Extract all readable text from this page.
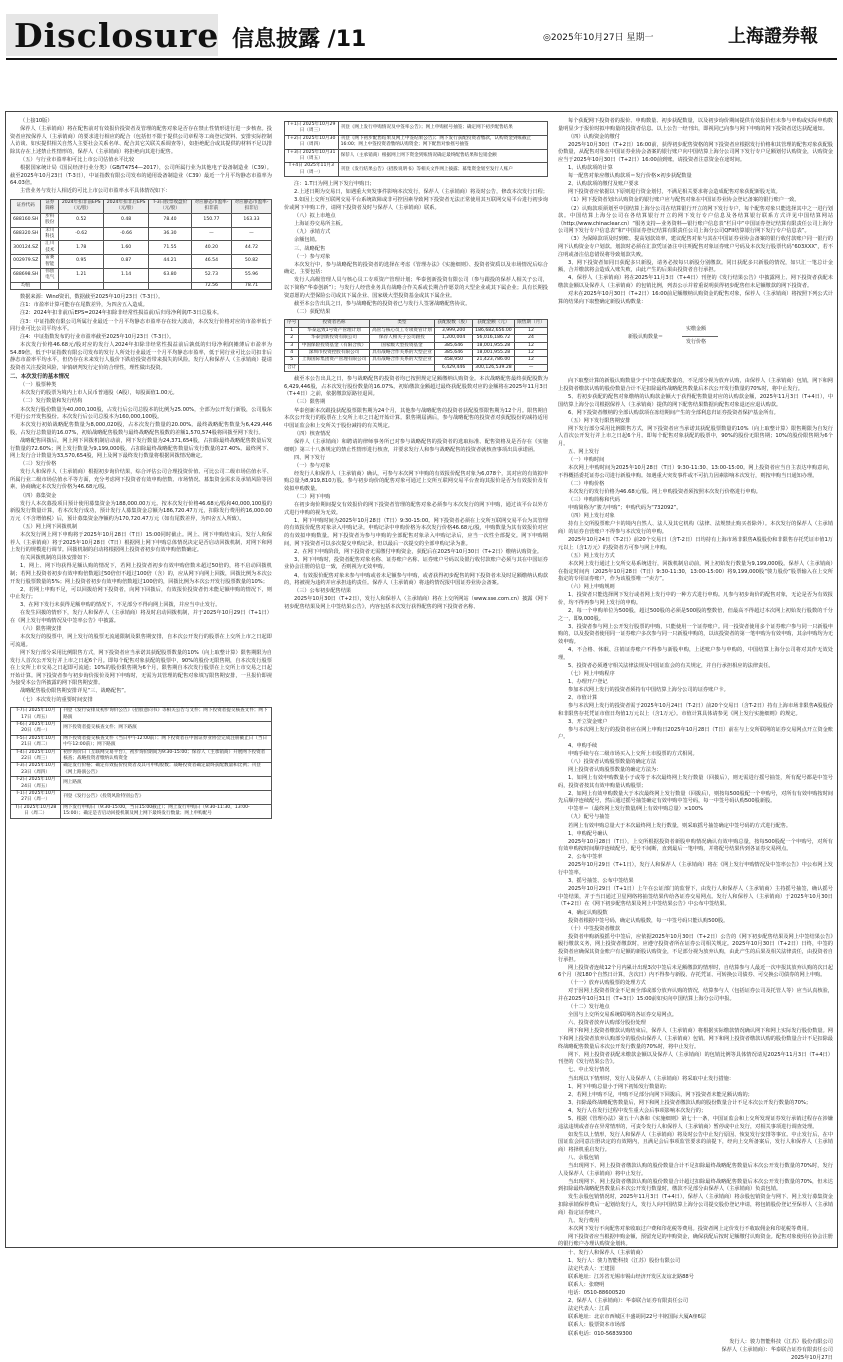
Disclosure 信息披露 /11	◎2025年10月27日 星期一	上海證券報

（上接10版）

保荐人（主承销商）将在配售前对有效报价投资者及管理的配售对象是否存在禁止性情形进行进一步核查。投资者应按保荐人（主承销商）的要求进行相应的配合（包括但不限于提供公司章程等工商登记资料、安排实际控制人访谈、如实提供相关自然人主要社会关系名单、配合其它关联关系调查等），如拒绝配合或其提供的材料不足以排除其存在上述禁止性情形的，保荐人（主承销商）将拒绝向其进行配售。

（五）与行业市盈率和可比上市公司估值水平比较

根据国家统计局《国民经济行业分类》（GB/T4754—2017），公司所属行业为其他电子设备制造业（C39）。截至2025年10月23日（T-3日），中证指数有限公司发布的通用设备制造业（C39）最近一个月平均静态市盈率为64.03倍。

主营业务与发行人相近的可比上市公司市盈率水平具体情况如下：

证券代码	证券简称	2024年扣非前EPS（元/股）	2024年扣非后EPS（元/股）	T-3日股票收盘价（元/股）	对应静态市盈率-扣非前	对应静态市盈率-扣非后
688160.SH	步科股份	0.52	0.48	78.40	150.77	163.33
688320.SH	禾川科技	-0.62	-0.66	36.30	—	—
300124.SZ	汇川技术	1.78	1.60	71.55	40.20	44.72
002979.SZ	雷赛智能	0.95	0.87	44.21	46.54	50.82
688698.SH	伟创电气	1.21	1.14	63.80	52.73	55.96
均值					72.56	78.71

数据来源：Wind资讯，数据截至2025年10月23日（T-3日）。

注1：市盈率计算可能存在尾数差异，为四舍五入造成。

注2：2024年扣非前/后EPS=2024年扣除非经常性损益前/后归母净利润/T-3日总股本。

注3：中证指数有限公司所属行业最近一个月平均静态市盈率存在较大波动，本次发行价格对应的市盈率低于同行业可比公司平均水平。

注4：中证指数发布的行业市盈率截至2025年10月23日（T-3日）。

本次发行价格46.68元/股对应的发行人2024年扣除非经常性损益前后孰低的归母净利润摊薄后市盈率为54.89倍，低于中证指数有限公司发布的发行人所处行业最近一个月平均静态市盈率，低于同行业可比公司扣非后静态市盈率平均水平，但仍存在未来发行人股价下跌给投资者带来损失的风险。发行人和保荐人（主承销商）提请投资者关注投资风险，审慎研判发行定价的合理性，理性做出投资。

二、本次发行的基本情况

（一）股票种类

本次发行的股票为境内上市人民币普通股（A股），每股面值1.00元。

（二）发行数量和发行结构

本次发行股份数量为40,000,100股，占发行后公司总股本的比例为25.00%，全部为公开发行新股，公司股东不进行公开发售股份。本次发行后公司总股本为160,000,100股。

本次发行初始战略配售数量为8,000,020股，占本次发行数量的20.00%。最终战略配售数量为6,429,446股，占发行总数量的16.07%，初始战略配售股数与最终战略配售股数的差额1,570,574股将回拨至网下发行。

战略配售回拨后，网上网下回拨机制启动前，网下发行数量为24,371,654股，占扣除最终战略配售数量后发行数量的72.60%；网上发行数量为9,199,000股，占扣除最终战略配售数量后发行数量的27.40%。最终网下、网上发行合计数量为33,570,654股，网上及网下最终发行数量将根据回拨情况确定。

（三）发行价格

发行人和保荐人（主承销商）根据初步询价结果，综合评估公司合理投资价值、可比公司二级市场估值水平、所属行业二级市场估值水平等方面，充分考虑网下投资者有效申购倍数、市场情况、募集资金需求及承销风险等因素，协商确定本次发行价格为46.68元/股。

（四）募集资金

发行人本次募投项目预计使用募集资金为188,000.00万元。按本次发行价格46.68元/股和40,000,100股的新股发行数量计算，若本次发行成功，预计发行人募集资金总额为186,720.47万元，扣除发行费用约16,000.00万元（不含增值税）后，预计募集资金净额约为170,720.47万元（如有尾数差异，为四舍五入所致）。

（五）网上网下回拨机制

本次发行网上网下申购将于2025年10月28日（T日）15:00同时截止。网上、网下申购结束后，发行人和保荐人（主承销商）将于2025年10月28日（T日）根据网上网下申购总体情况决定是否启动回拨机制，对网下和网上发行的规模进行调节。回拨机制的启动将根据网上投资者初步有效申购倍数确定。

有关回拨机制的具体安排如下：

1、网上、网下均获得足额认购的情况下，若网上投资者初步有效申购倍数未超过50倍的，将不启动回拨机制；若网上投资者初步有效申购倍数超过50倍但不超过100倍（含）的，应从网下向网上回拨，回拨比例为本次公开发行股票数量的5%；网上投资者初步有效申购倍数超过100倍的，回拨比例为本次公开发行股票数量的10%；

2、若网上申购不足，可以回拨给网下投资者，向网下回拨后，有效报价投资者仍未能足额申购的情况下，则中止发行；

3、在网下发行未获得足额申购的情况下，不足部分不得向网上回拨，并应当中止发行。

在发生回拨的情形下，发行人和保荐人（主承销商）将及时启动回拨机制，并于2025年10月29日（T+1日）在《网上发行申购情况及中签率公告》中披露。

（六）限售期安排

本次发行的股票中，网上发行的股票无流通限制及限售期安排，自本次公开发行的股票在上交所上市之日起即可流通。

网下发行部分采用比例限售方式，网下投资者应当承诺其获配股票数量的10%（向上取整计算）限售期限为自发行人首次公开发行并上市之日起6个月。即每个配售对象获配的股票中，90%的股份无限售期，自本次发行股票在上交所上市交易之日起即可流通；10%的股份限售期为6个月，限售期自本次发行股票在上交所上市交易之日起开始计算。网下投资者参与初步询价报价及网下申购时，无需为其管理的配售对象填写限售期安排，一旦报价即视为接受本公告所披露的网下限售期安排。

战略配售股份限售期安排详见“三、战略配售”。

（七）本次发行的重要时间安排

T-7日 2025年10月17日（周五）	刊登《发行安排及初步询价公告》《招股意向书》等相关公告与文件；网下投资者提交核查文件；网下路演
T-6日 2025年10月20日（周一）	网下投资者提交核查文件；网下路演
T-5日 2025年10月21日（周二）	网下投资者提交核查文件（当日中午12:00前）；网下投资者在中国证券业协会完成注册截止日（当日中午12:00前）；网下路演
T-4日 2025年10月22日（周三）	初步询价日（互联网交易平台），初步询价期间为9:30-15:00；保荐人（主承销商）开展网下投资者核查；战略投资者缴纳认购资金
T-3日 2025年10月23日（周四）	确定发行价格；确定有效报价投资者及其可申购股数；战略投资者确定最终获配数量和比例；刊登《网上路演公告》
T-2日 2025年10月24日（周五）	网上路演
T-1日 2025年10月27日（周一）	刊登《发行公告》《投资风险特别公告》
T日 2025年10月28日（周二）	网下发行申购日（9:30-15:00，当日15:00截止）；网上发行申购日（9:30-11:30，13:00-15:00）；确定是否启动回拨机制及网上网下最终发行数量；网上申购配号
T+1日 2025年10月29日（周三）	刊登《网上发行申购情况及中签率公告》；网上申购摇号抽签；确定网下初步配售结果
T+2日 2025年10月30日（周四）	刊登《网下初步配售结果及网上中签结果公告》；网下发行获配投资者缴款，认购资金到账截止16:00；网上中签投资者缴纳认购资金；网下配售对象摇号抽签
T+3日 2025年10月31日（周五）	保荐人（主承销商）根据网上网下资金到账情况确定最终配售结果和包销金额
T+4日 2025年11月3日（周一）	刊登《发行结果公告》《招股说明书》等相关文件网上披露；募集资金划至发行人账户

注：1.T日为网上网下发行申购日；

2.上述日期为交易日，如遇重大突发事件影响本次发行，保荐人（主承销商）将及时公告，修改本次发行日程；

3.如因上交所互联网交易平台系统故障或非可控因素导致网下投资者无法正常使用其互联网交易平台进行初步询价或网下申购工作，请网下投资者及时与保荐人（主承销商）联系。

（八）拟上市地点

上海证券交易所主板。

（九）承销方式

余额包销。

三、战略配售

（一）参与对象

本次发行中，参与战略配售的投资者的选择在考虑《管理办法》《实施细则》、投资者资质以及市场情况后综合确定，主要包括：

发行人高级管理人员与核心员工专项资产管理计划；华泰创新投资有限公司（参与跟投的保荐人相关子公司，以下简称“华泰创新”）；与发行人经营业务具有战略合作关系或长期合作愿景的大型企业或其下属企业；具有长期投资意愿的大型保险公司或其下属企业、国家级大型投资基金或其下属企业。

截至本公告出具之日，参与战略配售的投资者已与发行人签署战略配售协议。

（二）获配结果

序号	投资者名称	类型	获配股数（股）	获配金额（元）	限售期（月）
1	华泰远致1号资产管理计划	高管与核心员工专项资管计划	3,999,200	186,682,656.00	12
2	华泰创新投资有限公司	保荐人相关子公司跟投	1,200,004	56,016,186.72	24
3	中国保险投资基金（有限合伙）	国家级大型投资基金	385,646	18,001,955.28	12
4	深圳市投资控股有限公司	具有战略合作关系的大型企业	385,646	18,001,955.28	12
5	上海国际集团资产管理有限公司	具有战略合作关系的大型企业	458,950	21,423,786.00	12
合计			6,429,446	300,126,539.28	—

截至本公告出具之日，参与战略配售的投资者均已按照规定足额缴纳认购资金。本次战略配售最终获配股数为6,429,446股，占本次发行股份数量的16.07%。初始缴款金额超过最终获配股数对应的金额将在2025年11月3日（T+4日）之前，依据缴款原路径退回。

（三）限售期

华泰创新本次跟投获配股票限售期为24个月，其他参与战略配售的投资者获配股票限售期为12个月。限售期自本次公开发行的股票在上交所上市之日起开始计算。限售期届满后，参与战略配售的投资者对获配股份的减持适用中国证监会和上交所关于股份减持的有关规定。

（四）核查情况

保荐人（主承销商）和聘请的律师事务所已对参与战略配售的投资者的选取标准、配售资格及是否存在《实施细则》第三十八条规定的禁止性情形进行核查，并要求发行人和参与战略配售的投资者就核查事项出具承诺函。

四、网下发行

（一）参与对象

经发行人和保荐人（主承销商）确认，可参与本次网下申购的有效报价配售对象为6,078个，其对应的有效拟申购总量为8,919,810万股。参与初步询价的配售对象可通过上交所互联网交易平台查询其报价是否为有效报价及有效拟申购数量。

（二）网下申购

在初步询价期间提交有效报价的网下投资者管理的配售对象必须参与本次发行的网下申购，通过该平台以外方式进行申购的视为无效。

1、网下申购时间为2025年10月28日（T日）9:30-15:00。网下投资者必须在上交所互联网交易平台为其管理的有效报价配售对象录入申购记录。申购记录中申购价格为本次发行价格46.68元/股，申购数量为其有效报价对应的有效拟申购数量。网下投资者为参与申购的全部配售对象录入申购记录后，应当一次性全部提交。网下申购期间，网下投资者可以多次提交申购记录，但以最后一次提交的全部申购记录为准。

2、在网下申购阶段，网下投资者无需缴付申购资金，获配后在2025年10月30日（T+2日）缴纳认购资金。

3、网下申购时，投资者配售对象名称、证券账户名称、证券账户号码以及银行收付款账户必须与其在中国证券业协会注册的信息一致，否则视为无效申购。

4、有效报价配售对象未参与申购或者未足额参与申购，或者获得初步配售的网下投资者未及时足额缴纳认购款的，将被视为违约并应承担违约责任。保荐人（主承销商）将违约情况报中国证券业协会备案。

（三）公布初步配售结果

2025年10月30日（T+2日），发行人和保荐人（主承销商）将在上交所网站（www.sse.com.cn）披露《网下初步配售结果及网上中签结果公告》，内容包括本次发行获得配售的网下投资者名称、

每个获配网下投资者的报价、申购数量、初步获配数量，以及初步询价期间提供有效报价但未参与申购或实际申购数量明显少于报价时拟申购量的投资者信息。以上公告一经刊出，即视同已向参与网下申购的网下投资者送达获配通知。

（四）认购资金的缴付

2025年10月30日（T+2日）16:00前，获得初步配售资格的网下投资者应根据发行价格和其管理的配售对象获配股份数量，从配售对象在中国证券业协会备案的银行账户向中国结算上海分公司网下发行专户足额划付认购资金，认购资金应当于2025年10月30日（T+2日）16:00前到账。请投资者注意资金在途时间。

1、认购款项的计算

每一配售对象应缴认购款项＝发行价格×初步获配数量

2、认购款项的缴付及账户要求

网下投资者应依据以下原则进行资金划付，不满足相关要求将会造成配售对象获配新股无效。

（1）网下投资者划出认购资金的银行账户应与配售对象在中国证券业协会登记备案的银行账户一致。

（2）认购款项须划至中国结算上海分公司在结算银行开立的网下发行专户，每个配售对象只能选择其中之一进行划款。中国结算上海分公司在各结算银行开立的网下发行专户信息及各结算银行联系方式详见中国结算网站（http://www.chinaclear.cn）“服务支持—业务资料—银行账户信息表”栏目中“中国证券登记结算有限责任公司上海分公司网下发行专户信息表”和“中国证券登记结算有限责任公司上海分公司QFII结算银行网下发行专户信息表”。

（3）为保障款项及时到账、提高划款效率，建议配售对象与其在中国证券业协会备案的银行收付款账户同一银行的网下认购资金专户划款。划款时必须在汇款凭证备注中注明配售对象证券账户号码及本次发行股票代码“603XXX”，若不注明或备注信息错误将导致划款失败。

3、网下投资者如同日获配多只新股，请务必按每只新股分别缴款。同日获配多只新股的情况，如只汇一笔总计金额，合并缴款将会造成入账失败，由此产生的后果由投资者自行承担。

4、保荐人（主承销商）将在2025年11月3日（T+4日）刊登的《发行结果公告》中披露网上、网下投资者获配未缴款金额以及保荐人（主承销商）的包销比例，列表公示并着重说明获得初步配售但未足额缴款的网下投资者。

对未在2025年10月30日（T+2日）16:00前足额缴纳认购资金的配售对象，保荐人（主承销商）将按照下列公式计算的结果向下取整确定新股认购数量：

新股认购数量＝
实缴金额
发行价格

向下取整计算的新股认购数量少于中签获配数量的，不足部分视为放弃认购，由保荐人（主承销商）包销，网下和网上投资者缴款认购的股份数量合计不足扣除最终战略配售数量后本次公开发行数量的70%时，将中止发行。

5、若初步获配的配售对象缴纳的认购款金额大于获得配售数量对应的认购款金额，2025年11月3日（T+4日），中国结算上海分公司根据保荐人（主承销商）提供的网下配售结果数据向配售对象退还应退认购款。

6、网下投资者缴纳的全部认购款项在冻结期间产生的全部利息归证券投资者保护基金所有。

（五）网下发行限售期安排

网下发行部分采用比例限售方式，网下投资者应当承诺其获配股票数量的10%（向上取整计算）限售期限为自发行人首次公开发行并上市之日起6个月。即每个配售对象获配的股票中，90%的股份无限售期；10%的股份限售期为6个月。

五、网上发行

（一）申购时间

本次网上申购时间为2025年10月28日（T日）9:30-11:30、13:00-15:00。网上投资者应当自主表达申购意向，不得概括委托证券公司进行新股申购。如遇重大突发事件或不可抗力因素影响本次发行，则按申购当日通知办理。

（二）申购价格

本次发行的发行价格为46.68元/股。网上申购投资者须按照本次发行价格进行申购。

（三）申购简称和代码

申购简称为“骏力申购”；申购代码为“732092”。

（四）网上发行对象

持有上交所股票账户卡的境内自然人、法人及其它机构（法律、法规禁止购买者除外）。本次发行的保荐人（主承销商）的证券自营账户不得参与本次发行的申购。

2025年10月24日（T-2日）前20个交易日（含T-2日）日均持有上海市场非限售A股股份和非限售存托凭证市值1万元以上（含1万元）的投资者方可参与网上申购。

（五）网上发行方式

本次网上发行通过上交所交易系统进行，回拨机制启动前，网上初始发行数量为9,199,000股。保荐人（主承销商）在指定时间内（2025年10月28日（T日）9:30-11:30，13:00-15:00）将9,199,000股“骏力股份”股票输入在上交所指定的专用证券账户，作为该股票唯一“卖方”。

（六）网上申购规则

1、投资者只能选择网下发行或者网上发行中的一种方式进行申购。凡参与初步询价的配售对象，无论是否为有效报价，均不得再参与网上发行的申购。

2、每一个申购单位为500股，超过500股的必须是500股的整数倍，但最高不得超过本次网上初始发行股数的千分之一，即9,000股。

3、投资者参与网上公开发行股票的申购，只能使用一个证券账户。同一投资者使用多个证券账户参与同一只新股申购的，以及投资者使用同一证券账户多次参与同一只新股申购的，以该投资者的第一笔申购为有效申购，其余申购均为无效申购。

4、不合格、休眠、注销证券账户不得参与新股申购，上述账户参与申购的，中国结算上海分公司将对其作无效处理。

5、投资者必须遵守相关法律法规及中国证监会的有关规定，并自行承担相应的法律责任。

（七）网上申购程序

1、办理开户登记

参加本次网上发行的投资者须持有中国结算上海分公司的证券账户卡。

2、市值计算

参与本次网上发行的投资者需于2025年10月24日（T-2日）前20个交易日（含T-2日）持有上海市场非限售A股股份和非限售存托凭证市值日均值1万元以上（含1万元）。市值计算具体请参见《网上发行实施细则》的规定。

3、开立资金账户

参与本次网上发行的投资者应在网上申购日2025年10月28日（T日）前在与上交所联网的证券交易网点开立资金账户。

4、申购手续

申购手续与在二级市场买入上交所上市股票的方式相同。

（八）投资者认购股票数量的确定方法

网上投资者认购股票数量的确定方法为：

1、如网上有效申购数量小于或等于本次最终网上发行数量（回拨后），则无需进行摇号抽签，所有配号都是中签号码，投资者按其有效申购量认购股票；

2、如网上有效申购数量大于本次最终网上发行数量（回拨后），则按每500股配一个申购号，对所有有效申购按时间先后顺序连续配号，然后通过摇号抽签确定有效申购中签号码，每一中签号码认购500股新股。

中签率＝（最终网上发行数量/网上有效申购总量）×100%

（九）配号与抽签

若网上有效申购总量大于本次最终网上发行数量，则采取摇号抽签确定中签号码的方式进行配售。

1、申购配号确认

2025年10月28日（T日），上交所根据投资者新股申购情况确认有效申购总量，按每500股配一个申购号，对所有有效申购按时间顺序连续配号，配号不间断，直到最后一笔申购，并将配号结果传到各证券交易网点。

2、公布中签率

2025年10月29日（T+1日），发行人和保荐人（主承销商）将在《网上发行申购情况及中签率公告》中公布网上发行中签率。

3、摇号抽签、公布中签结果

2025年10月29日（T+1日）上午在公证部门的监督下，由发行人和保荐人（主承销商）主持摇号抽签，确认摇号中签结果，并于当日通过卫星网络将抽签结果传给各证券交易网点。发行人和保荐人（主承销商）于2025年10月30日（T+2日）在《网下初步配售结果及网上中签结果公告》中公布中签结果。

4、确定认购股数

投资者根据中签号码，确定认购股数，每一中签号码只能认购500股。

（十）中签投资者缴款

投资者申购新股摇号中签后，应依据2025年10月30日（T+2日）公告的《网下初步配售结果及网上中签结果公告》履行缴款义务，网上投资者缴款时，应遵守投资者所在证券公司相关规定。2025年10月30日（T+2日）日终，中签的投资者应确保其资金账户有足额的新股认购资金，不足部分视为放弃认购，由此产生的后果及相关法律责任，由投资者自行承担。

网上投资者连续12个月内累计出现3次中签后未足额缴款的情形时，自结算参与人最近一次申报其放弃认购的次日起6个月（按180个自然日计算，含次日）内不得参与新股、存托凭证、可转换公司债券、可交换公司债券的网上申购。

（十一）放弃认购股票的处理方式

对于因网上投资者资金不足而全部或部分放弃认购的情况，结算参与人（包括证券公司及托管人等）应当认真核验，并在2025年10月31日（T+3日）15:00前如实向中国结算上海分公司申报。

（十二）发行地点

全国与上交所交易系统联网的各证券交易网点。

六、投资者放弃认购部分股份处理

网下和网上投资者缴款认购结束后，保荐人（主承销商）将根据实际缴款情况确认网下和网上实际发行股份数量。网下和网上投资者放弃认购部分的股份由保荐人（主承销商）包销。网下和网上投资者缴款认购的股份数量合计不足扣除最终战略配售数量后本次公开发行数量的70%时，将中止发行。

网下、网上投资者获配未缴款金额以及保荐人（主承销商）的包销比例等具体情况请见2025年11月3日（T+4日）刊登的《发行结果公告》。

七、中止发行情况

当出现以下情形时，发行人及保荐人（主承销商）将采取中止发行措施：

1、网下申购总量小于网下初始发行数量的；

2、若网上申购不足，申购不足部分向网下回拨后，网下投资者未能足额认购的；

3、扣除最终战略配售数量后，网下和网上投资者缴款认购的股份数量合计不足本次公开发行数量的70%；

4、发行人在发行过程中发生重大会后事项影响本次发行的；

5、根据《管理办法》第五十六条和《实施细则》第七十一条，中国证监会和上交所发现证券发行承销过程存在涉嫌违法违规或者存在异常情形的，可责令发行人和保荐人（主承销商）暂停或中止发行，对相关事项进行调查处理。

如发生以上情形，发行人和保荐人（主承销商）将及时公告中止发行原因、恢复发行安排等事宜。中止发行后，在中国证监会同意注册决定的有效期内，且满足会后事项监管要求的前提下，经向上交所备案后，发行人和保荐人（主承销商）将择机重启发行。

八、余股包销

当出现网下、网上投资者缴款认购的股份数量合计不足扣除最终战略配售数量后本次公开发行数量的70%时，发行人及保荐人（主承销商）将中止发行。

当出现网下、网上投资者缴款认购的股份数量合计超过扣除最终战略配售数量后本次公开发行数量的70%，但未达到扣除最终战略配售数量后本次公开发行数量时，缴款不足部分由保荐人（主承销商）负责包销。

发生余股包销情况时，2025年11月3日（T+4日），保荐人（主承销商）将余股包销资金与网下、网上发行募集资金扣除承销保荐费后一起划给发行人，发行人向中国结算上海分公司提交股份登记申请，将包销股份登记至保荐人（主承销商）指定证券账户。

九、发行费用

本次网下发行不向配售对象收取过户费和印花税等费用。投资者网上定价发行不收取佣金和印花税等费用。

网下投资者应当根据申购金额，预留充足的申购资金，确保获配后按时足额缴付认购资金。配售对象使用在协会注册的银行账户办理认购资金划转。

十、发行人和保荐人（主承销商）

1、发行人：骏力智能科技（江苏）股份有限公司

法定代表人：王建国

联系地址：江苏省无锡市锡山经济开发区友谊北路88号

联系人：张晓明

电话：0510-88600520

2、保荐人（主承销商）：华泰联合证券有限责任公司

法定代表人：江禹

联系地址：北京市西城区丰盛胡同22号丰铭国际大厦A座6层

联系人：股票资本市场部

联系电话：010-56839300

发行人：骏力智能科技（江苏）股份有限公司

保荐人（主承销商）：华泰联合证券有限责任公司

2025年10月27日
